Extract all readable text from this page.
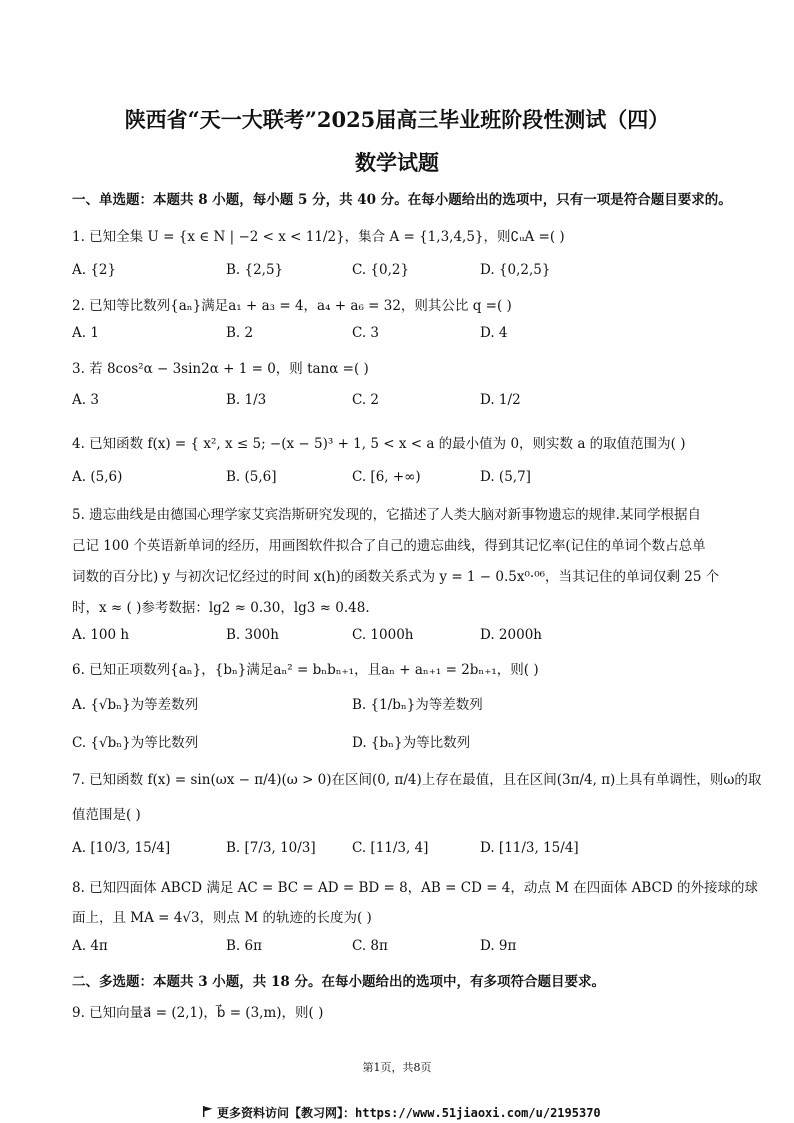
陕西省“天一大联考”2025届高三毕业班阶段性测试（四）
数学试题
一、单选题：本题共 8 小题，每小题 5 分，共 40 分。在每小题给出的选项中，只有一项是符合题目要求的。
1. 已知全集 U = {x ∈ N | −2 < x < 11/2}，集合 A = {1,3,4,5}，则∁ᵤA =( )
A. {2}	B. {2,5}	C. {0,2}	D. {0,2,5}
2. 已知等比数列{aₙ}满足a₁ + a₃ = 4，a₄ + a₆ = 32，则其公比 q =( )
A. 1	B. 2	C. 3	D. 4
3. 若 8cos²α − 3sin2α + 1 = 0，则 tanα =( )
A. 3	B. 1/3	C. 2	D. 1/2
4. 已知函数 f(x) = { x², x ≤ 5; −(x − 5)³ + 1, 5 < x < a 的最小值为 0，则实数 a 的取值范围为( )
A. (5,6)	B. (5,6]	C. [6, +∞)	D. (5,7]
5. 遗忘曲线是由德国心理学家艾宾浩斯研究发现的，它描述了人类大脑对新事物遗忘的规律.某同学根据自
己记 100 个英语新单词的经历，用画图软件拟合了自己的遗忘曲线，得到其记忆率(记住的单词个数占总单
词数的百分比) y 与初次记忆经过的时间 x(h)的函数关系式为 y = 1 − 0.5x⁰·⁰⁶，当其记住的单词仅剩 25 个
时，x ≈ ( )参考数据：lg2 ≈ 0.30，lg3 ≈ 0.48.
A. 100 h	B. 300h	C. 1000h	D. 2000h
6. 已知正项数列{aₙ}，{bₙ}满足aₙ² = bₙbₙ₊₁，且aₙ + aₙ₊₁ = 2bₙ₊₁，则( )
A. {√bₙ}为等差数列	B. {1/bₙ}为等差数列
C. {√bₙ}为等比数列	D. {bₙ}为等比数列
7. 已知函数 f(x) = sin(ωx − π/4)(ω > 0)在区间(0, π/4)上存在最值，且在区间(3π/4, π)上具有单调性，则ω的取
值范围是( )
A. [10/3, 15/4]	B. [7/3, 10/3]	C. [11/3, 4]	D. [11/3, 15/4]
8. 已知四面体 ABCD 满足 AC = BC = AD = BD = 8，AB = CD = 4，动点 M 在四面体 ABCD 的外接球的球
面上，且 MA = 4√3，则点 M 的轨迹的长度为( )
A. 4π	B. 6π	C. 8π	D. 9π
二、多选题：本题共 3 小题，共 18 分。在每小题给出的选项中，有多项符合题目要求。
9. 已知向量a⃗ = (2,1)，b⃗ = (3,m)，则( )
第1页，共8页
更多资料访问【教习网】：https://www.51jiaoxi.com/u/2195370
